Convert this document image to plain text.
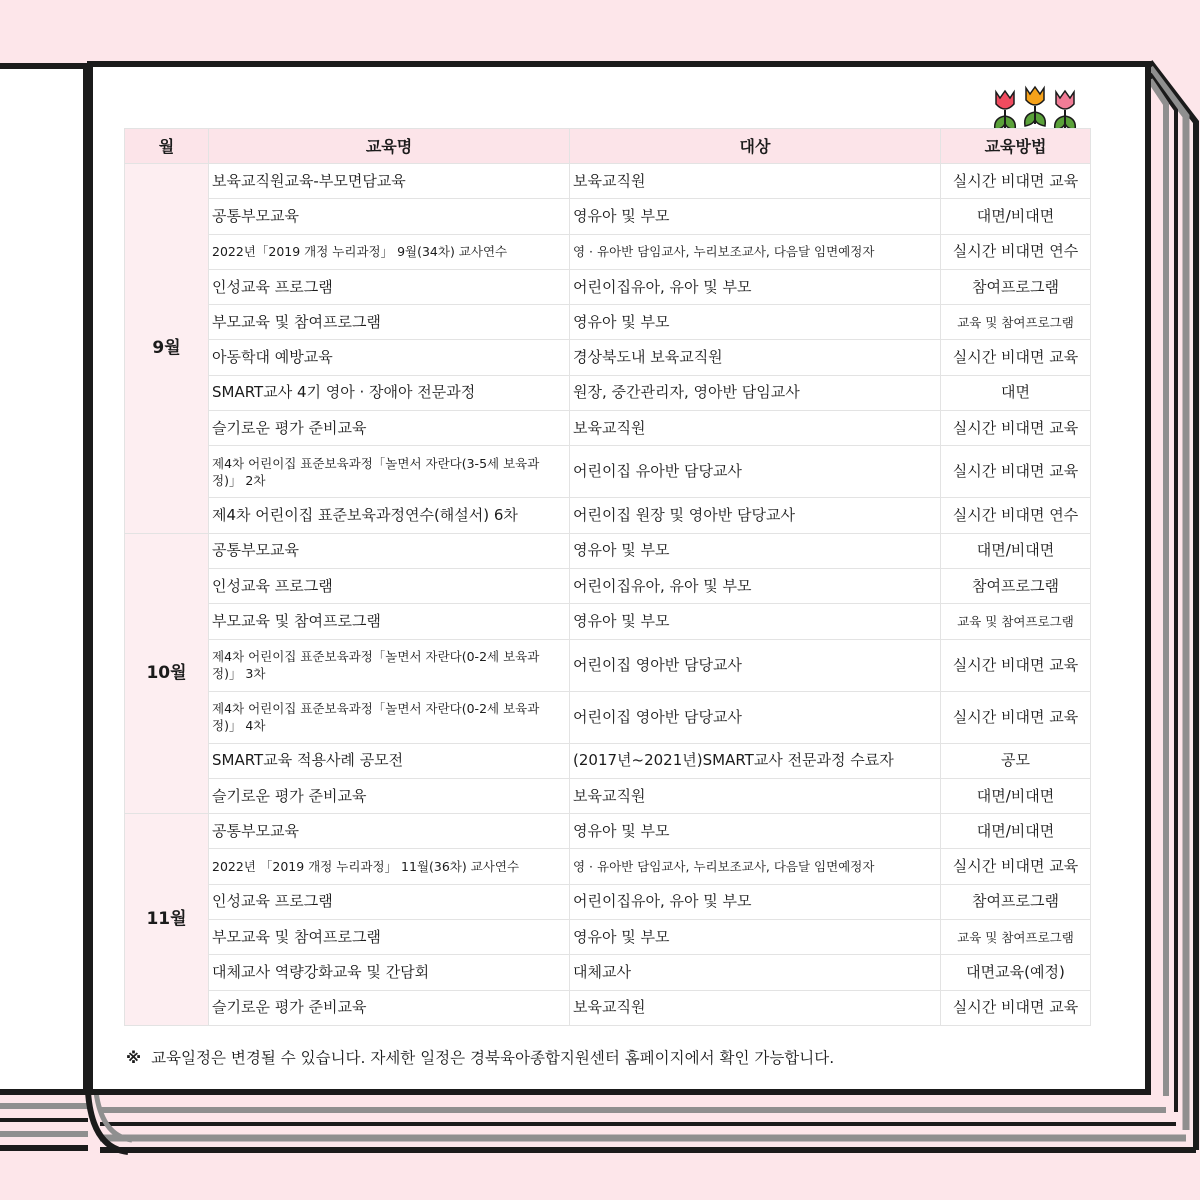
월	교육명	대상	교육방법
9월	보육교직원교육-부모면담교육	보육교직원	실시간 비대면 교육
	공통부모교육	영유아 및 부모	대면/비대면
	2022년「2019 개정 누리과정」 9월(34차) 교사연수	영 · 유아반 담임교사, 누리보조교사, 다음달 임면예정자	실시간 비대면 연수
	인성교육 프로그램	어린이집유아, 유아 및 부모	참여프로그램
	부모교육 및 참여프로그램	영유아 및 부모	교육 및 참여프로그램
	아동학대 예방교육	경상북도내 보육교직원	실시간 비대면 교육
	SMART교사 4기 영아 · 장애아 전문과정	원장, 중간관리자, 영아반 담임교사	대면
	슬기로운 평가 준비교육	보육교직원	실시간 비대면 교육
	제4차 어린이집 표준보육과정「놀면서 자란다(3-5세 보육과정)」 2차	어린이집 유아반 담당교사	실시간 비대면 교육
	제4차 어린이집 표준보육과정연수(해설서) 6차	어린이집 원장 및 영아반 담당교사	실시간 비대면 연수
10월	공통부모교육	영유아 및 부모	대면/비대면
	인성교육 프로그램	어린이집유아, 유아 및 부모	참여프로그램
	부모교육 및 참여프로그램	영유아 및 부모	교육 및 참여프로그램
	제4차 어린이집 표준보육과정「놀면서 자란다(0-2세 보육과정)」 3차	어린이집 영아반 담당교사	실시간 비대면 교육
	제4차 어린이집 표준보육과정「놀면서 자란다(0-2세 보육과정)」 4차	어린이집 영아반 담당교사	실시간 비대면 교육
	SMART교육 적용사례 공모전	(2017년~2021년)SMART교사 전문과정 수료자	공모
	슬기로운 평가 준비교육	보육교직원	대면/비대면
11월	공통부모교육	영유아 및 부모	대면/비대면
	2022년 「2019 개정 누리과정」 11월(36차) 교사연수	영 · 유아반 담임교사, 누리보조교사, 다음달 임면예정자	실시간 비대면 교육
	인성교육 프로그램	어린이집유아, 유아 및 부모	참여프로그램
	부모교육 및 참여프로그램	영유아 및 부모	교육 및 참여프로그램
	대체교사 역량강화교육 및 간담회	대체교사	대면교육(예정)
	슬기로운 평가 준비교육	보육교직원	실시간 비대면 교육
※ 교육일정은 변경될 수 있습니다. 자세한 일정은 경북육아종합지원센터 홈페이지에서 확인 가능합니다.
